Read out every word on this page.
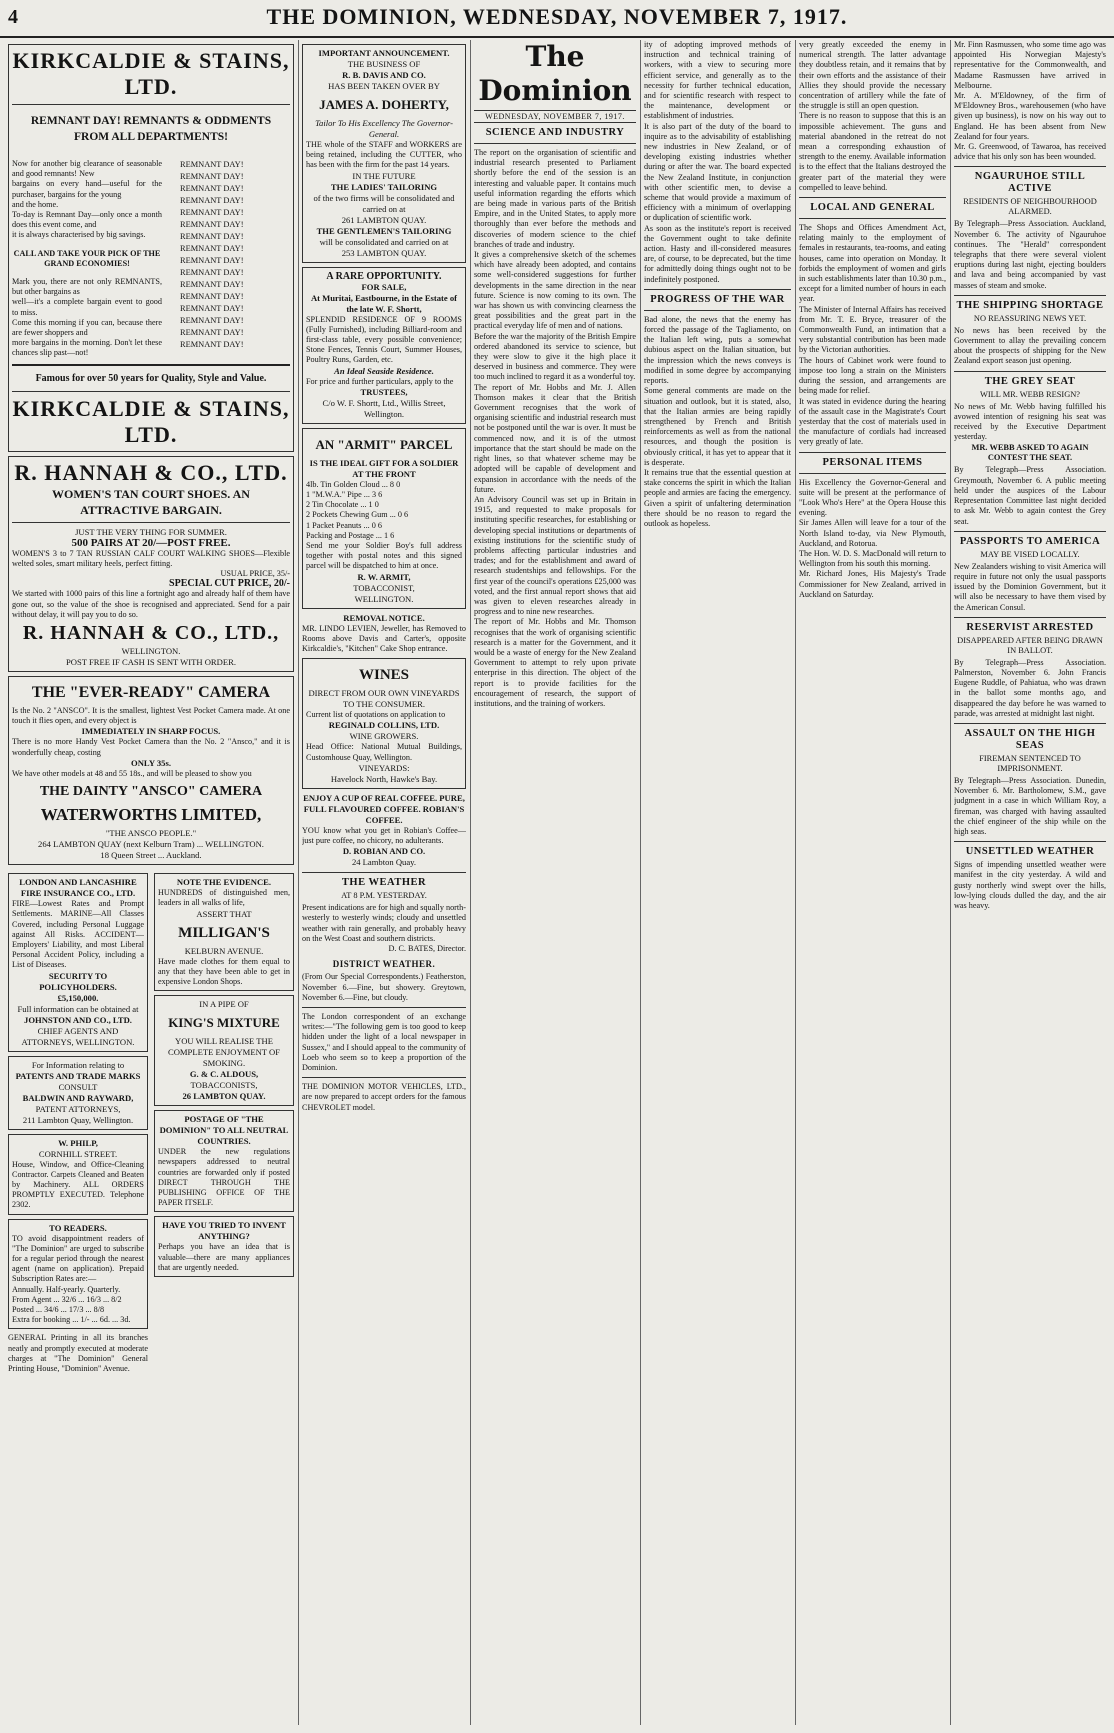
4	THE DOMINION, WEDNESDAY, NOVEMBER 7, 1917.
KIRKCALDIE & STAINS, LTD.
REMNANT DAY! REMNANTS & ODDMENTS FROM ALL DEPARTMENTS!

Now for another big clearance of seasonable and good remnants! New

bargains on every hand—useful for the purchaser, bargains for the young

and the home.

To-day is Remnant Day—only once a month does this event come, and

it is always characterised by big savings.

CALL AND TAKE YOUR PICK OF THE GRAND ECONOMIES!

Mark you, there are not only REMNANTS, but other bargains as

well—it's a complete bargain event to good to miss.

Come this morning if you can, because there are fewer shoppers and

more bargains in the morning. Don't let these chances slip past—not!

REMNANT DAY!
REMNANT DAY!
REMNANT DAY!
REMNANT DAY!
REMNANT DAY!
REMNANT DAY!
REMNANT DAY!
REMNANT DAY!
REMNANT DAY!
REMNANT DAY!
REMNANT DAY!
REMNANT DAY!
REMNANT DAY!
REMNANT DAY!
REMNANT DAY!
REMNANT DAY!
Famous for over 50 years for Quality, Style and Value.
KIRKCALDIE & STAINS, LTD.
R. HANNAH & CO., LTD.
WOMEN'S TAN COURT SHOES. AN ATTRACTIVE BARGAIN.
JUST THE VERY THING FOR SUMMER.
500 PAIRS AT 20/—POST FREE.
WOMEN'S 3 to 7 TAN RUSSIAN CALF COURT WALKING SHOES—Flexible welted soles, smart military heels, perfect fitting.
USUAL PRICE, 35/-
SPECIAL CUT PRICE, 20/-
We started with 1000 pairs of this line a fortnight ago and already half of them have gone out, so the value of the shoe is recognised and appreciated. Send for a pair without delay, it will pay you to do so.
R. HANNAH & CO., LTD.,
WELLINGTON.
POST FREE IF CASH IS SENT WITH ORDER.
THE "EVER-READY" CAMERA
Is the No. 2 "ANSCO". It is the smallest, lightest Vest Pocket Camera made. At one touch it flies open, and every object is
IMMEDIATELY IN SHARP FOCUS.
There is no more Handy Vest Pocket Camera than the No. 2 "Ansco," and it is wonderfully cheap, costing
ONLY 35s.
We have other models at 48 and 55 18s., and will be pleased to show you
THE DAINTY "ANSCO" CAMERA
WATERWORTHS LIMITED,
"THE ANSCO PEOPLE."
264 LAMBTON QUAY (next Kelburn Tram) ... WELLINGTON.
18 Queen Street ... Auckland.
LONDON AND LANCASHIRE FIRE INSURANCE CO., LTD.
FIRE—Lowest Rates and Prompt Settlements. MARINE—All Classes Covered, including Personal Luggage against All Risks. ACCIDENT—Employers' Liability, and most Liberal Personal Accident Policy, including a List of Diseases.
SECURITY TO POLICYHOLDERS.
£5,150,000.
Full information can be obtained at
JOHNSTON AND CO., LTD.
CHIEF AGENTS AND ATTORNEYS, WELLINGTON.
For Information relating to
PATENTS AND TRADE MARKS
CONSULT
BALDWIN AND RAYWARD,
PATENT ATTORNEYS,
211 Lambton Quay, Wellington.
W. PHILP,
CORNHILL STREET.
House, Window, and Office-Cleaning Contractor. Carpets Cleaned and Beaten by Machinery. ALL ORDERS PROMPTLY EXECUTED. Telephone 2302.
TO READERS.
TO avoid disappointment readers of "The Dominion" are urged to subscribe for a regular period through the nearest agent (name on application). Prepaid Subscription Rates are:—
Annually. Half-yearly. Quarterly.
From Agent ... 32/6 ... 16/3 ... 8/2
Posted ... 34/6 ... 17/3 ... 8/8
Extra for booking ... 1/- ... 6d. ... 3d.
GENERAL Printing in all its branches neatly and promptly executed at moderate charges at "The Dominion" General Printing House, "Dominion" Avenue.
NOTE THE EVIDENCE.
HUNDREDS of distinguished men, leaders in all walks of life,
ASSERT THAT
MILLIGAN'S
KELBURN AVENUE.
Have made clothes for them equal to any that they have been able to get in expensive London Shops.
IN A PIPE OF
KING'S MIXTURE
YOU WILL REALISE THE COMPLETE ENJOYMENT OF SMOKING.
G. & C. ALDOUS,
TOBACCONISTS,
26 LAMBTON QUAY.
POSTAGE OF "THE DOMINION" TO ALL NEUTRAL COUNTRIES.
UNDER the new regulations newspapers addressed to neutral countries are forwarded only if posted DIRECT THROUGH THE PUBLISHING OFFICE OF THE PAPER ITSELF.
HAVE YOU TRIED TO INVENT ANYTHING?
Perhaps you have an idea that is valuable—there are many appliances that are urgently needed.
IMPORTANT ANNOUNCEMENT.
THE BUSINESS OF
R. B. DAVIS AND CO.
HAS BEEN TAKEN OVER BY
JAMES A. DOHERTY,
Tailor To His Excellency The Governor-General.
THE whole of the STAFF and WORKERS are being retained, including the CUTTER, who has been with the firm for the past 14 years.
IN THE FUTURE
THE LADIES' TAILORING
of the two firms will be consolidated and carried on at
261 LAMBTON QUAY.
THE GENTLEMEN'S TAILORING
will be consolidated and carried on at
253 LAMBTON QUAY.
A RARE OPPORTUNITY.
FOR SALE,
At Muritai, Eastbourne, in the Estate of the late W. F. Shortt,
SPLENDID RESIDENCE OF 9 ROOMS (Fully Furnished), including Billiard-room and first-class table, every possible convenience; Stone Fences, Tennis Court, Summer Houses, Poultry Runs, Garden, etc.
An Ideal Seaside Residence.
For price and further particulars, apply to the
TRUSTEES,
C/o W. F. Shortt, Ltd., Willis Street, Wellington.
AN "ARMIT" PARCEL
IS THE IDEAL GIFT FOR A SOLDIER AT THE FRONT
4lb. Tin Golden Cloud ... 8 0
1 "M.W.A." Pipe ... 3 6
2 Tin Chocolate ... 1 0
2 Pockets Chewing Gum ... 0 6
1 Packet Peanuts ... 0 6
Packing and Postage ... 1 6
Send me your Soldier Boy's full address together with postal notes and this signed parcel will be dispatched to him at once.
R. W. ARMIT,
TOBACCONIST,
WELLINGTON.
REMOVAL NOTICE.
MR. LINDO LEVIEN, Jeweller, has Removed to Rooms above Davis and Carter's, opposite Kirkcaldie's, "Kitchen" Cake Shop entrance.
WINES
DIRECT FROM OUR OWN VINEYARDS TO THE CONSUMER.
Current list of quotations on application to
REGINALD COLLINS, LTD.
WINE GROWERS.
Head Office: National Mutual Buildings, Customhouse Quay, Wellington.
VINEYARDS:
Havelock North, Hawke's Bay.
ENJOY A CUP OF REAL COFFEE. PURE, FULL FLAVOURED COFFEE. ROBIAN'S COFFEE.
YOU know what you get in Robian's Coffee—just pure coffee, no chicory, no adulterants.
D. ROBIAN AND CO.
24 Lambton Quay.
THE WEATHER
AT 8 P.M. YESTERDAY.
Present indications are for high and squally north-westerly to westerly winds; cloudy and unsettled weather with rain generally, and probably heavy on the West Coast and southern districts.
D. C. BATES, Director.
DISTRICT WEATHER.
(From Our Special Correspondents.) Featherston, November 6.—Fine, but showery. Greytown, November 6.—Fine, but cloudy.
The London correspondent of an exchange writes:—"The following gem is too good to keep hidden under the light of a local newspaper in Sussex," and I should appeal to the community of Loeb who seem so to keep a proportion of the Dominion.
THE DOMINION MOTOR VEHICLES, LTD., are now prepared to accept orders for the famous CHEVROLET model.
The Dominion
WEDNESDAY, NOVEMBER 7, 1917.
SCIENCE AND INDUSTRY

The report on the organisation of scientific and industrial research presented to Parliament shortly before the end of the session is an interesting and valuable paper. It contains much useful information regarding the efforts which are being made in various parts of the British Empire, and in the United States, to apply more thoroughly than ever before the methods and discoveries of modern science to the chief branches of trade and industry.

It gives a comprehensive sketch of the schemes which have already been adopted, and contains some well-considered suggestions for further developments in the same direction in the near future. Science is now coming to its own. The war has shown us with convincing clearness the great possibilities and the great part in the practical everyday life of men and of nations.

Before the war the majority of the British Empire ordered abandoned its service to science, but they were slow to give it the high place it deserved in business and commerce. They were too much inclined to regard it as a wonderful toy.

The report of Mr. Hobbs and Mr. J. Allen Thomson makes it clear that the British Government recognises that the work of organising scientific and industrial research must not be postponed until the war is over. It must be commenced now, and it is of the utmost importance that the start should be made on the right lines, so that whatever scheme may be adopted will be capable of development and expansion in accordance with the needs of the future.

An Advisory Council was set up in Britain in 1915, and requested to make proposals for instituting specific researches, for establishing or developing special institutions or departments of existing institutions for the scientific study of problems affecting particular industries and trades; and for the establishment and award of research studentships and fellowships. For the first year of the council's operations £25,000 was voted, and the first annual report shows that aid was given to eleven researches already in progress and to nine new researches.

The report of Mr. Hobbs and Mr. Thomson recognises that the work of organising scientific research is a matter for the Government, and it would be a waste of energy for the New Zealand Government to attempt to rely upon private enterprise in this direction. The object of the report is to provide facilities for the encouragement of research, the support of institutions, and the training of workers.

ity of adopting improved methods of instruction and technical training of workers, with a view to securing more efficient service, and generally as to the necessity for further technical education, and for scientific research with respect to the maintenance, development or establishment of industries.

It is also part of the duty of the board to inquire as to the advisability of establishing new industries in New Zealand, or of developing existing industries whether during or after the war. The board expected the New Zealand Institute, in conjunction with other scientific men, to devise a scheme that would provide a maximum of efficiency with a minimum of overlapping or duplication of scientific work.

As soon as the institute's report is received the Government ought to take definite action. Hasty and ill-considered measures are, of course, to be deprecated, but the time for admittedly doing things ought not to be indefinitely postponed.

PROGRESS OF THE WAR

Bad alone, the news that the enemy has forced the passage of the Tagliamento, on the Italian left wing, puts a somewhat dubious aspect on the Italian situation, but the impression which the news conveys is modified in some degree by accompanying reports.

Some general comments are made on the situation and outlook, but it is stated, also, that the Italian armies are being rapidly strengthened by French and British reinforcements as well as from the national resources, and though the position is obviously critical, it has yet to appear that it is desperate.

It remains true that the essential question at stake concerns the spirit in which the Italian people and armies are facing the emergency. Given a spirit of unfaltering determination there should be no reason to regard the outlook as hopeless.

very greatly exceeded the enemy in numerical strength. The latter advantage they doubtless retain, and it remains that by their own efforts and the assistance of their Allies they should provide the necessary concentration of artillery while the fate of the struggle is still an open question.

There is no reason to suppose that this is an impossible achievement. The guns and material abandoned in the retreat do not mean a corresponding exhaustion of strength to the enemy. Available information is to the effect that the Italians destroyed the greater part of the material they were compelled to leave behind.

LOCAL AND GENERAL

The Shops and Offices Amendment Act, relating mainly to the employment of females in restaurants, tea-rooms, and eating houses, came into operation on Monday. It forbids the employment of women and girls in such establishments later than 10.30 p.m., except for a limited number of hours in each year.

The Minister of Internal Affairs has received from Mr. T. E. Bryce, treasurer of the Commonwealth Fund, an intimation that a very substantial contribution has been made by the Victorian authorities.

The hours of Cabinet work were found to impose too long a strain on the Ministers during the session, and arrangements are being made for relief.

It was stated in evidence during the hearing of the assault case in the Magistrate's Court yesterday that the cost of materials used in the manufacture of cordials had increased very greatly of late.

PERSONAL ITEMS

His Excellency the Governor-General and suite will be present at the performance of "Look Who's Here" at the Opera House this evening.

Sir James Allen will leave for a tour of the North Island to-day, via New Plymouth, Auckland, and Rotorua.

The Hon. W. D. S. MacDonald will return to Wellington from his south this morning.

Mr. Richard Jones, His Majesty's Trade Commissioner for New Zealand, arrived in Auckland on Saturday.

Mr. Finn Rasmussen, who some time ago was appointed His Norwegian Majesty's representative for the Commonwealth, and Madame Rasmussen have arrived in Melbourne.

Mr. A. M'Eldowney, of the firm of M'Eldowney Bros., warehousemen (who have given up business), is now on his way out to England. He has been absent from New Zealand for four years.

Mr. G. Greenwood, of Tawaroa, has received advice that his only son has been wounded.

NGAURUHOE STILL ACTIVE
RESIDENTS OF NEIGHBOURHOOD ALARMED.

By Telegraph—Press Association. Auckland, November 6. The activity of Ngauruhoe continues. The "Herald" correspondent telegraphs that there were several violent eruptions during last night, ejecting boulders and lava and being accompanied by vast masses of steam and smoke.

THE SHIPPING SHORTAGE
NO REASSURING NEWS YET.

No news has been received by the Government to allay the prevailing concern about the prospects of shipping for the New Zealand export season just opening.

THE GREY SEAT
WILL MR. WEBB RESIGN?

No news of Mr. Webb having fulfilled his avowed intention of resigning his seat was received by the Executive Department yesterday.

MR. WEBB ASKED TO AGAIN CONTEST THE SEAT.

By Telegraph—Press Association. Greymouth, November 6. A public meeting held under the auspices of the Labour Representation Committee last night decided to ask Mr. Webb to again contest the Grey seat.

PASSPORTS TO AMERICA
MAY BE VISED LOCALLY.

New Zealanders wishing to visit America will require in future not only the usual passports issued by the Dominion Government, but it will also be necessary to have them vised by the American Consul.

RESERVIST ARRESTED
DISAPPEARED AFTER BEING DRAWN IN BALLOT.

By Telegraph—Press Association. Palmerston, November 6. John Francis Eugene Ruddle, of Pahiatua, who was drawn in the ballot some months ago, and disappeared the day before he was warned to parade, was arrested at midnight last night.

ASSAULT ON THE HIGH SEAS
FIREMAN SENTENCED TO IMPRISONMENT.

By Telegraph—Press Association. Dunedin, November 6. Mr. Bartholomew, S.M., gave judgment in a case in which William Roy, a fireman, was charged with having assaulted the chief engineer of the ship while on the high seas.

UNSETTLED WEATHER

Signs of impending unsettled weather were manifest in the city yesterday. A wild and gusty northerly wind swept over the hills, low-lying clouds dulled the day, and the air was heavy.
